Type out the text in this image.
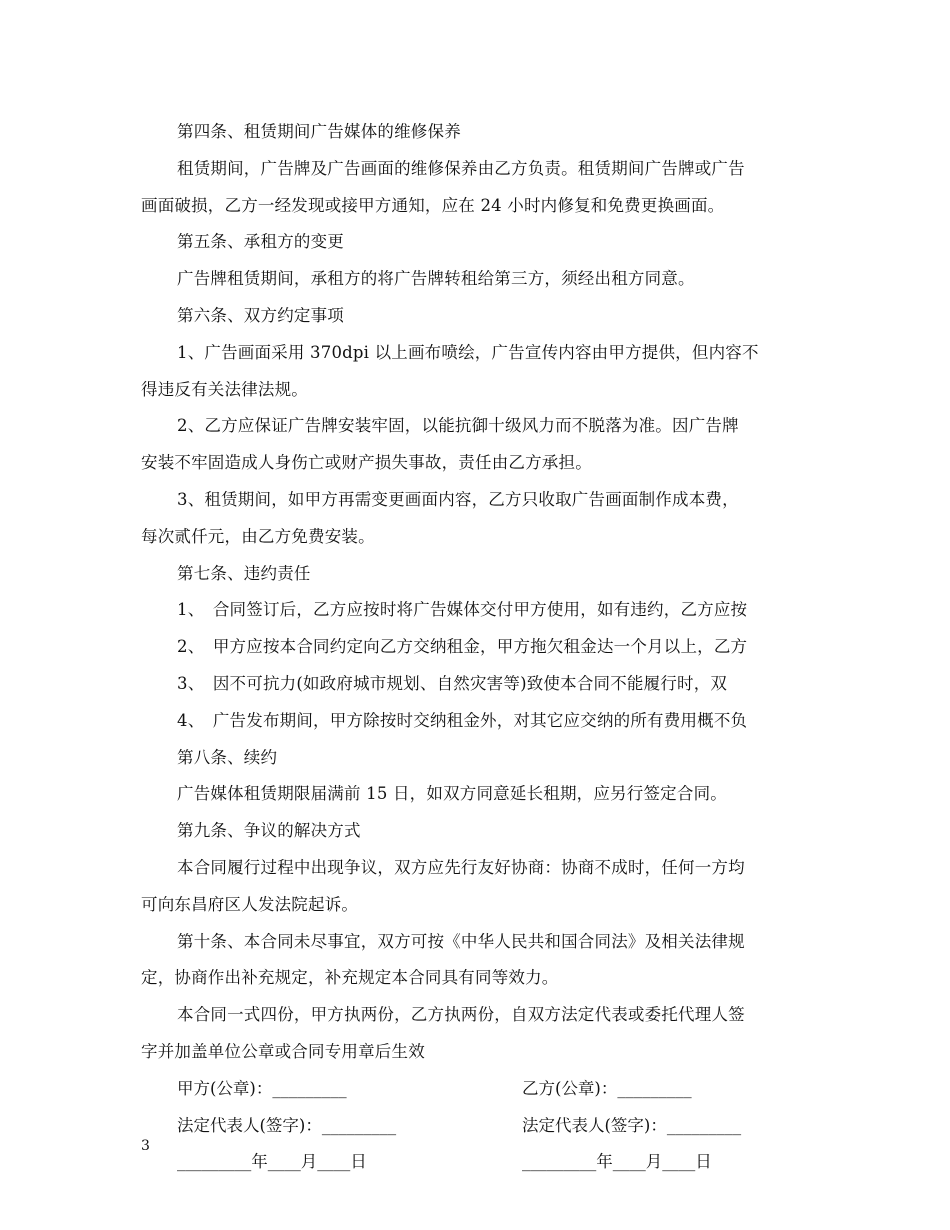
第四条、租赁期间广告媒体的维修保养
租赁期间，广告牌及广告画面的维修保养由乙方负责。租赁期间广告牌或广告
画面破损，乙方一经发现或接甲方通知，应在 24 小时内修复和免费更换画面。
第五条、承租方的变更
广告牌租赁期间，承租方的将广告牌转租给第三方，须经出租方同意。
第六条、双方约定事项
1、广告画面采用 370dpi 以上画布喷绘，广告宣传内容由甲方提供，但内容不
得违反有关法律法规。
2、乙方应保证广告牌安装牢固，以能抗御十级风力而不脱落为准。因广告牌
安装不牢固造成人身伤亡或财产损失事故，责任由乙方承担。
3、租赁期间，如甲方再需变更画面内容，乙方只收取广告画面制作成本费，
每次贰仟元，由乙方免费安装。
第七条、违约责任
1、　合同签订后，乙方应按时将广告媒体交付甲方使用，如有违约，乙方应按
2、　甲方应按本合同约定向乙方交纳租金，甲方拖欠租金达一个月以上，乙方
3、　因不可抗力(如政府城市规划、自然灾害等)致使本合同不能履行时，双
4、　广告发布期间，甲方除按时交纳租金外，对其它应交纳的所有费用概不负
第八条、续约
广告媒体租赁期限届满前 15 日，如双方同意延长租期，应另行签定合同。
第九条、争议的解决方式
本合同履行过程中出现争议，双方应先行友好协商：协商不成时，任何一方均
可向东昌府区人发法院起诉。
第十条、本合同未尽事宜，双方可按《中华人民共和国合同法》及相关法律规
定，协商作出补充规定，补充规定本合同具有同等效力。
本合同一式四份，甲方执两份，乙方执两份，自双方法定代表或委托代理人签
字并加盖单位公章或合同专用章后生效
甲方(公章)：_________	乙方(公章)：_________
法定代表人(签字)：_________	法定代表人(签字)：_________
_________年____月____日	_________年____月____日
3
